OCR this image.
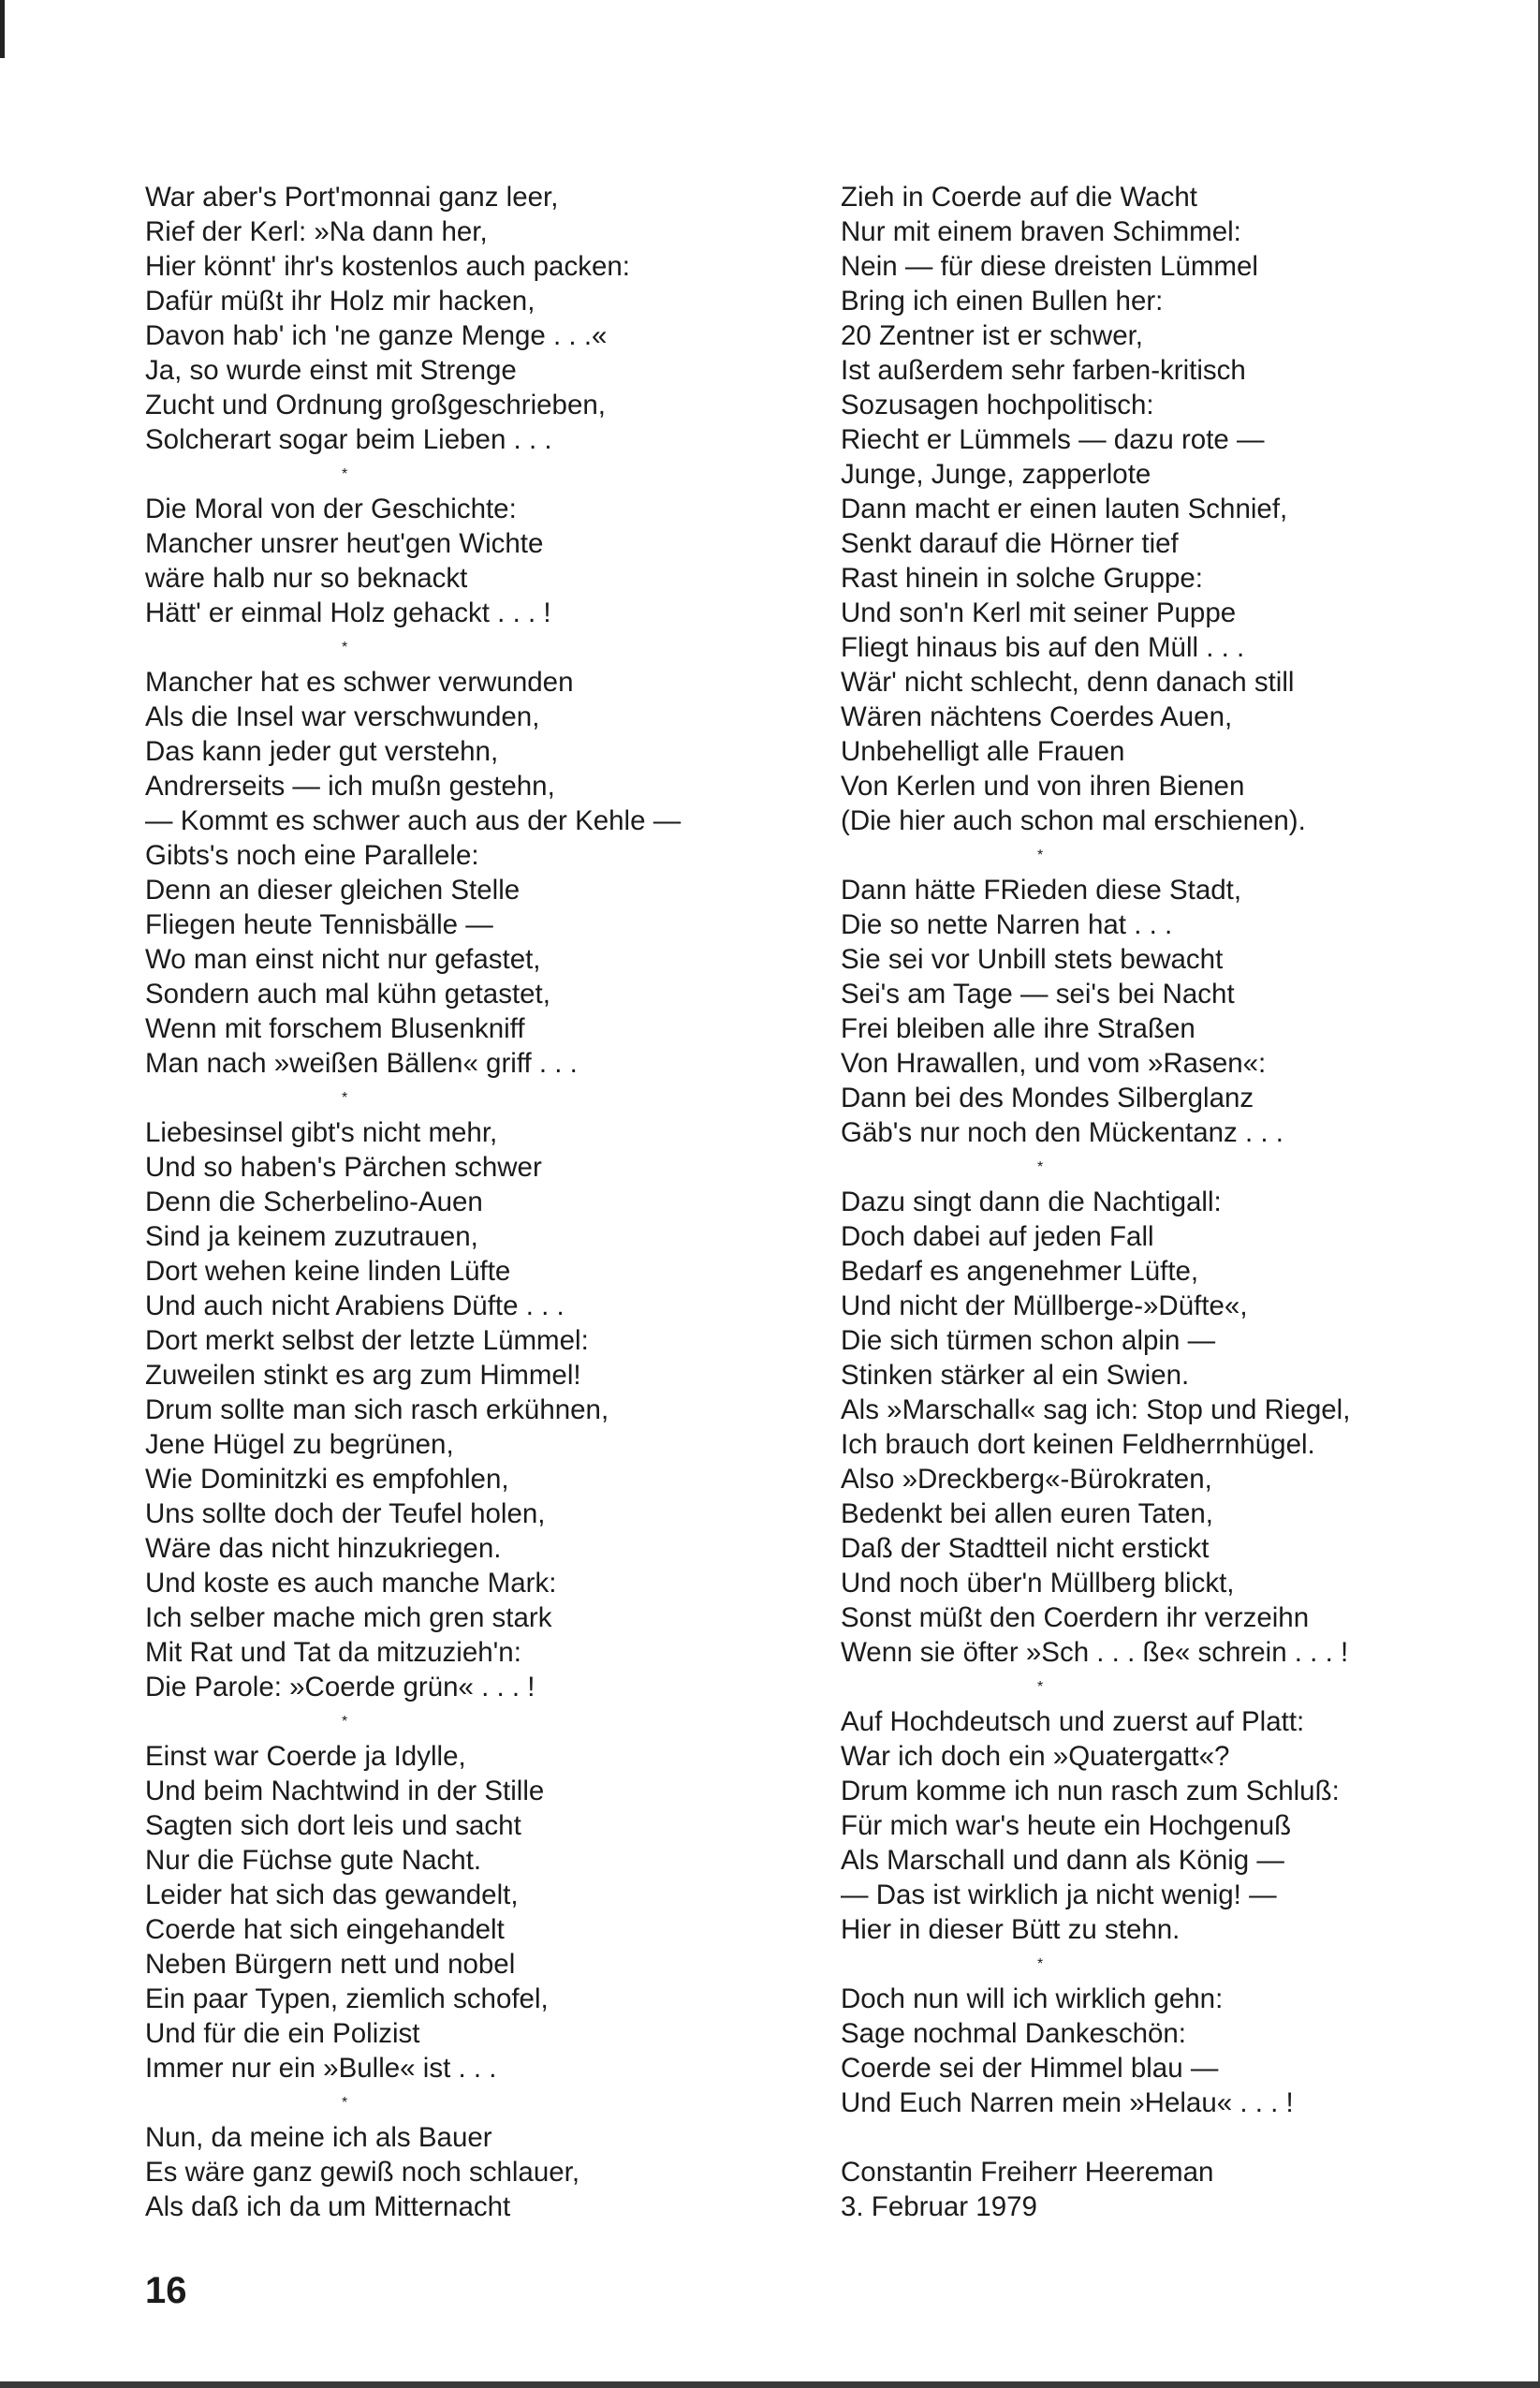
War aber's Port'monnai ganz leer,
Rief der Kerl: »Na dann her,
Hier könnt' ihr's kostenlos auch packen:
Dafür müßt ihr Holz mir hacken,
Davon hab' ich 'ne ganze Menge . . .«
Ja, so wurde einst mit Strenge
Zucht und Ordnung großgeschrieben,
Solcherart sogar beim Lieben . . .
*
Die Moral von der Geschichte:
Mancher unsrer heut'gen Wichte
wäre halb nur so beknackt
Hätt' er einmal Holz gehackt . . . !
*
Mancher hat es schwer verwunden
Als die Insel war verschwunden,
Das kann jeder gut verstehn,
Andrerseits — ich mußn gestehn,
— Kommt es schwer auch aus der Kehle —
Gibts's noch eine Parallele:
Denn an dieser gleichen Stelle
Fliegen heute Tennisbälle —
Wo man einst nicht nur gefastet,
Sondern auch mal kühn getastet,
Wenn mit forschem Blusenkniff
Man nach »weißen Bällen« griff . . .
*
Liebesinsel gibt's nicht mehr,
Und so haben's Pärchen schwer
Denn die Scherbelino-Auen
Sind ja keinem zuzutrauen,
Dort wehen keine linden Lüfte
Und auch nicht Arabiens Düfte . . .
Dort merkt selbst der letzte Lümmel:
Zuweilen stinkt es arg zum Himmel!
Drum sollte man sich rasch erkühnen,
Jene Hügel zu begrünen,
Wie Dominitzki es empfohlen,
Uns sollte doch der Teufel holen,
Wäre das nicht hinzukriegen.
Und koste es auch manche Mark:
Ich selber mache mich gren stark
Mit Rat und Tat da mitzuzieh'n:
Die Parole: »Coerde grün« . . . !
*
Einst war Coerde ja Idylle,
Und beim Nachtwind in der Stille
Sagten sich dort leis und sacht
Nur die Füchse gute Nacht.
Leider hat sich das gewandelt,
Coerde hat sich eingehandelt
Neben Bürgern nett und nobel
Ein paar Typen, ziemlich schofel,
Und für die ein Polizist
Immer nur ein »Bulle« ist . . .
*
Nun, da meine ich als Bauer
Es wäre ganz gewiß noch schlauer,
Als daß ich da um Mitternacht
Zieh in Coerde auf die Wacht
Nur mit einem braven Schimmel:
Nein — für diese dreisten Lümmel
Bring ich einen Bullen her:
20 Zentner ist er schwer,
Ist außerdem sehr farben-kritisch
Sozusagen hochpolitisch:
Riecht er Lümmels — dazu rote —
Junge, Junge, zapperlote
Dann macht er einen lauten Schnief,
Senkt darauf die Hörner tief
Rast hinein in solche Gruppe:
Und son'n Kerl mit seiner Puppe
Fliegt hinaus bis auf den Müll . . .
Wär' nicht schlecht, denn danach still
Wären nächtens Coerdes Auen,
Unbehelligt alle Frauen
Von Kerlen und von ihren Bienen
(Die hier auch schon mal erschienen).
*
Dann hätte FRieden diese Stadt,
Die so nette Narren hat . . .
Sie sei vor Unbill stets bewacht
Sei's am Tage — sei's bei Nacht
Frei bleiben alle ihre Straßen
Von Hrawallen, und vom »Rasen«:
Dann bei des Mondes Silberglanz
Gäb's nur noch den Mückentanz . . .
*
Dazu singt dann die Nachtigall:
Doch dabei auf jeden Fall
Bedarf es angenehmer Lüfte,
Und nicht der Müllberge-»Düfte«,
Die sich türmen schon alpin —
Stinken stärker al ein Swien.
Als »Marschall« sag ich: Stop und Riegel,
Ich brauch dort keinen Feldherrnhügel.
Also »Dreckberg«-Bürokraten,
Bedenkt bei allen euren Taten,
Daß der Stadtteil nicht erstickt
Und noch über'n Müllberg blickt,
Sonst müßt den Coerdern ihr verzeihn
Wenn sie öfter »Sch . . . ße« schrein . . . !
*
Auf Hochdeutsch und zuerst auf Platt:
War ich doch ein »Quatergatt«?
Drum komme ich nun rasch zum Schluß:
Für mich war's heute ein Hochgenuß
Als Marschall und dann als König —
— Das ist wirklich ja nicht wenig! —
Hier in dieser Bütt zu stehn.
*
Doch nun will ich wirklich gehn:
Sage nochmal Dankeschön:
Coerde sei der Himmel blau —
Und Euch Narren mein »Helau« . . . !
Constantin Freiherr Heereman
3. Februar 1979
16
